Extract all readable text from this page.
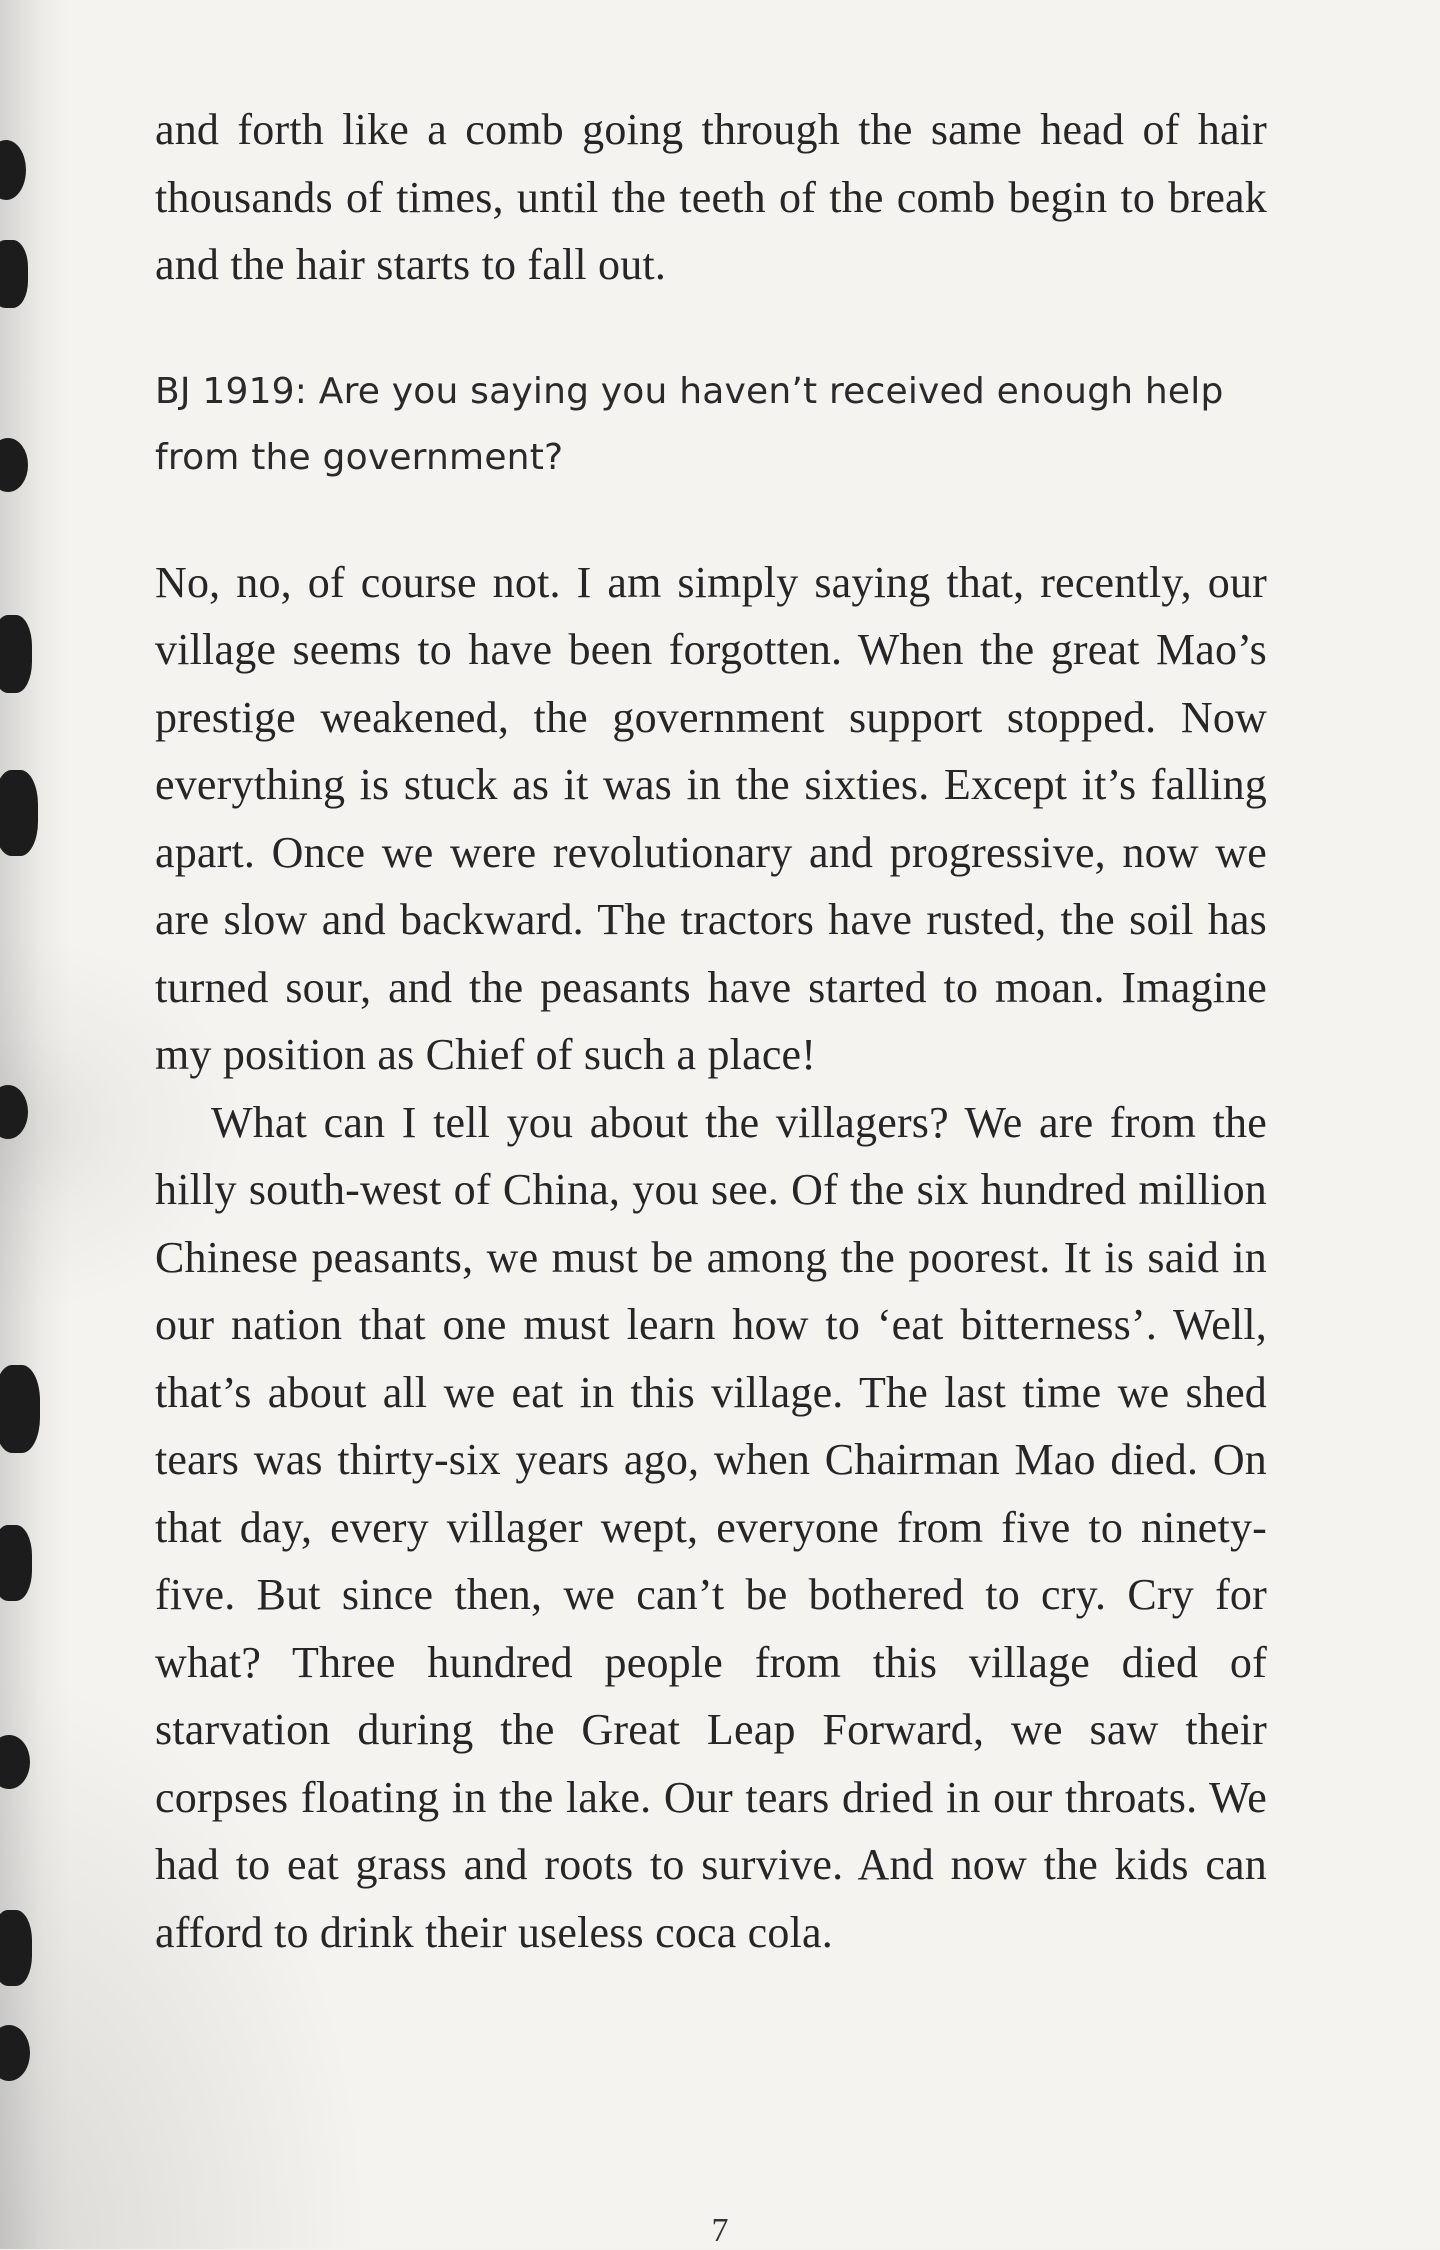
and forth like a comb going through the same head of hair thousands of times, until the teeth of the comb begin to break and the hair starts to fall out.

BJ 1919: Are you saying you haven’t received enough help from the government?

No, no, of course not. I am simply saying that, recently, our village seems to have been forgotten. When the great Mao’s prestige weakened, the government support stopped. Now everything is stuck as it was in the sixties. Except it’s falling apart. Once we were revolutionary and progressive, now we are slow and backward. The tractors have rusted, the soil has turned sour, and the peasants have started to moan. Imagine my position as Chief of such a place!

What can I tell you about the villagers? We are from the hilly south-west of China, you see. Of the six hundred million Chinese peasants, we must be among the poorest. It is said in our nation that one must learn how to ‘eat bitterness’. Well, that’s about all we eat in this village. The last time we shed tears was thirty-six years ago, when Chairman Mao died. On that day, every villager wept, everyone from five to ninety-five. But since then, we can’t be bothered to cry. Cry for what? Three hundred people from this village died of starvation during the Great Leap Forward, we saw their corpses floating in the lake. Our tears dried in our throats. We had to eat grass and roots to survive. And now the kids can afford to drink their useless coca cola.

7
